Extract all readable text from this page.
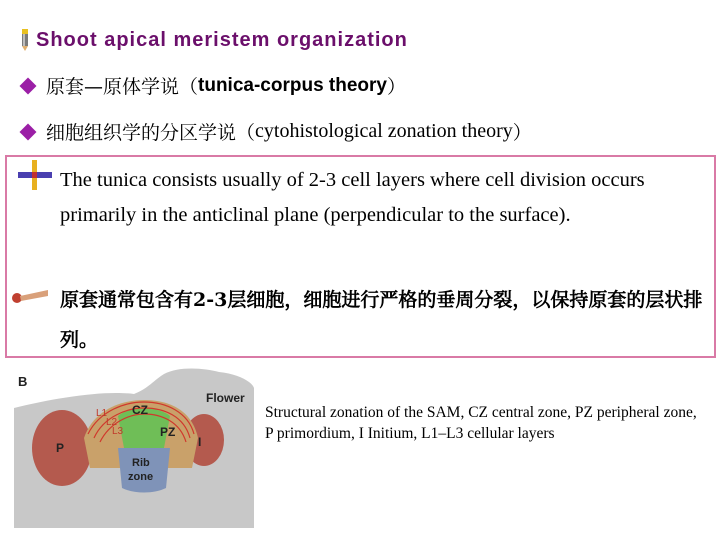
Shoot apical meristem organization
原套—原体学说（ tunica-corpus theory ）
细胞组织学的分区学说（ cytohistological zonation theory ）
The tunica consists usually of 2-3 cell layers where cell division occurs primarily in the anticlinal plane (perpendicular to the surface).
原套通常包含有2-3层细胞，细胞进行严格的垂周分裂，以保持原套的层状排列。
B
Flower
CZ
PZ
P	I
Rib
zone
L1
L2
L3
Structural zonation of the SAM, CZ central zone, PZ peripheral zone, P primordium, I Initium, L1–L3 cellular layers
